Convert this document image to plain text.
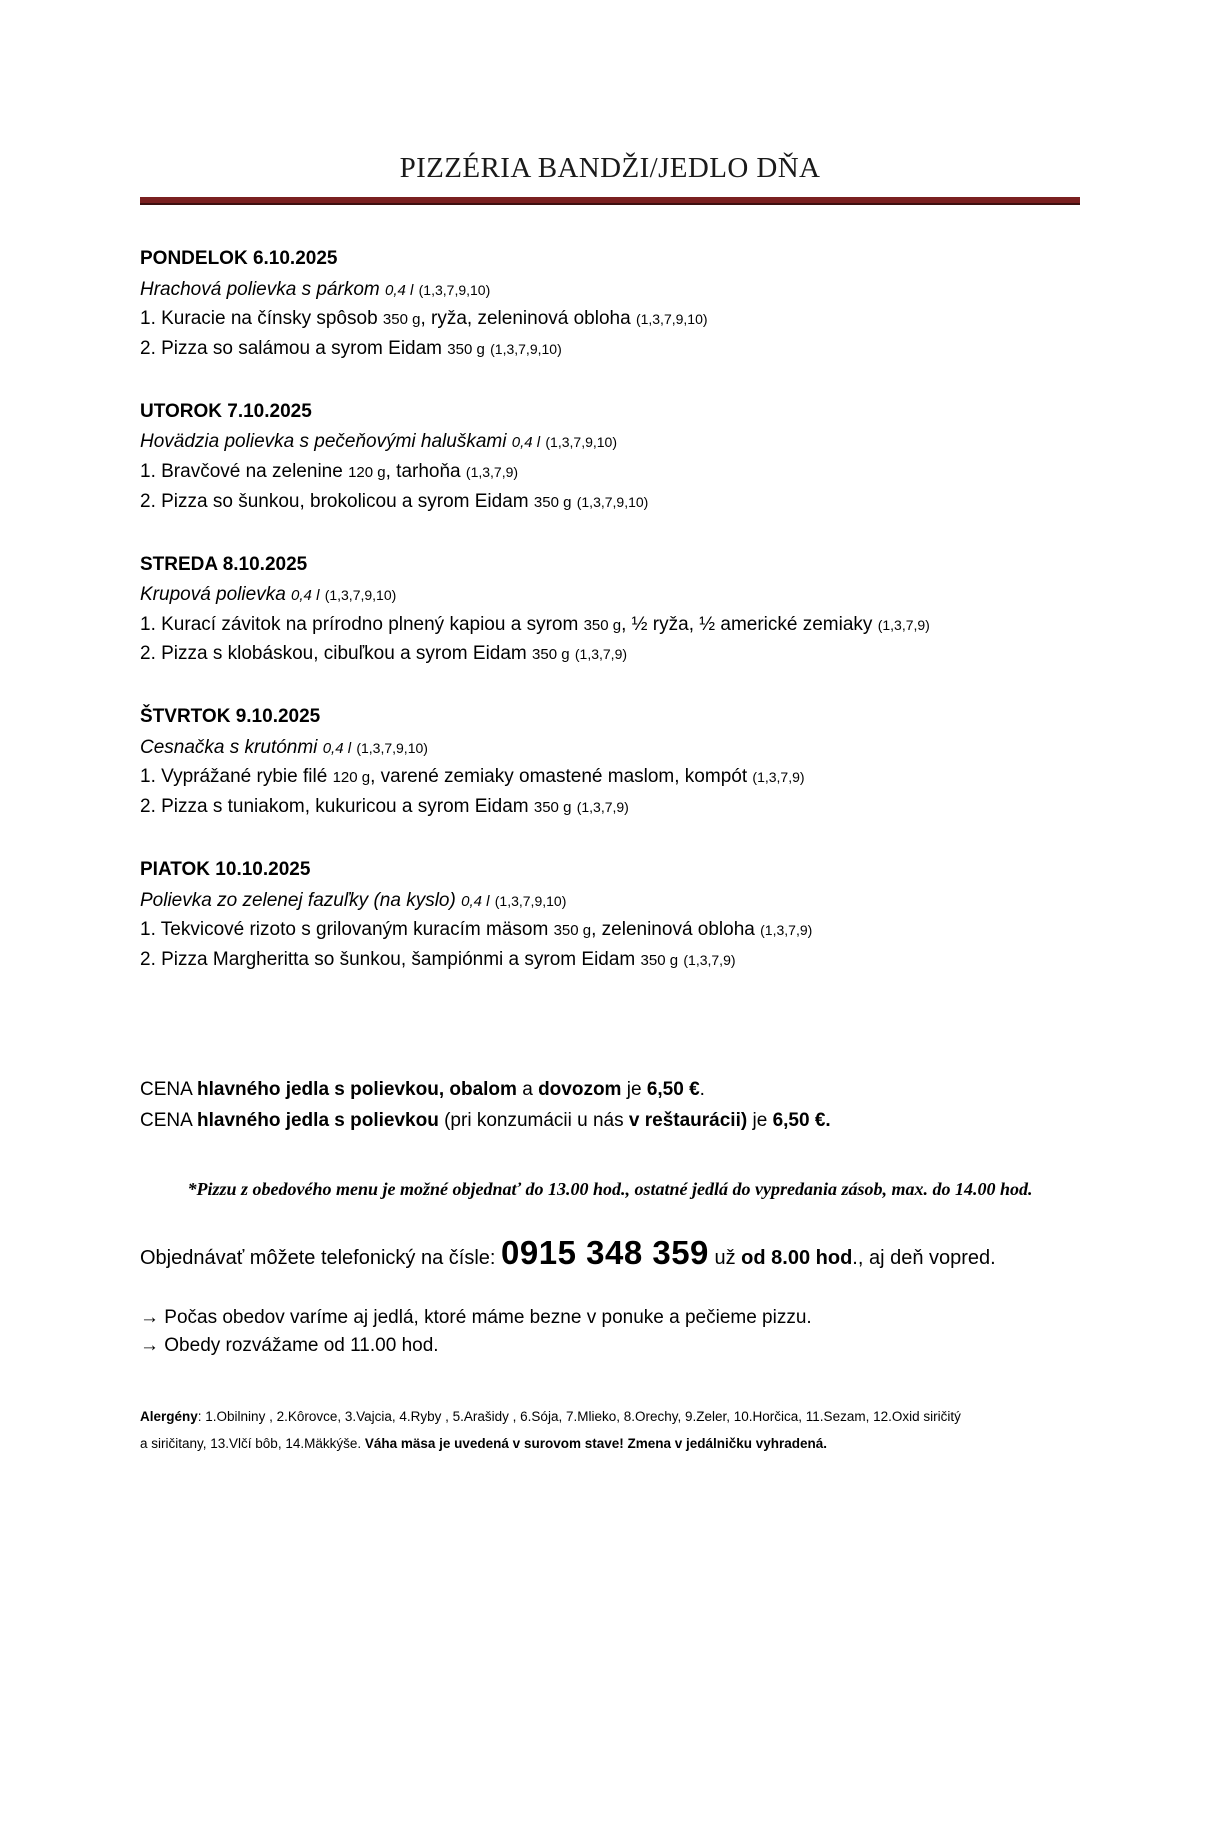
PIZZÉRIA BANDŽI/JEDLO DŇA
PONDELOK 6.10.2025
Hrachová polievka s párkom 0,4 l (1,3,7,9,10)
1. Kuracie na čínsky spôsob 350 g, ryža, zeleninová obloha (1,3,7,9,10)
2. Pizza so salámou a syrom Eidam 350 g (1,3,7,9,10)
UTOROK 7.10.2025
Hovädzia polievka s pečeňovými haluškami 0,4 l (1,3,7,9,10)
1. Bravčové na zelenine 120 g, tarhoňa (1,3,7,9)
2. Pizza so šunkou, brokolicou a syrom Eidam 350 g (1,3,7,9,10)
STREDA 8.10.2025
Krupová polievka 0,4 l (1,3,7,9,10)
1. Kurací závitok na prírodno plnený kapiou a syrom 350 g, ½ ryža, ½ americké zemiaky (1,3,7,9)
2. Pizza s klobáskou, cibuľkou a syrom Eidam 350 g (1,3,7,9)
ŠTVRTOK 9.10.2025
Cesnačka s krutónmi 0,4 l (1,3,7,9,10)
1. Vyprážané rybie filé 120 g, varené zemiaky omastené maslom, kompót (1,3,7,9)
2. Pizza s tuniakom, kukuricou a syrom Eidam 350 g (1,3,7,9)
PIATOK 10.10.2025
Polievka zo zelenej fazuľky (na kyslo) 0,4 l (1,3,7,9,10)
1. Tekvicové rizoto s grilovaným kuracím mäsom 350 g, zeleninová obloha (1,3,7,9)
2. Pizza Margheritta so šunkou, šampiónmi a syrom Eidam 350 g (1,3,7,9)
CENA hlavného jedla s polievkou, obalom a dovozom je 6,50 €.
CENA hlavného jedla s polievkou (pri konzumácii u nás v reštaurácii) je 6,50 €.
*Pizzu z obedového menu je možné objednať do 13.00 hod., ostatné jedlá do vypredania zásob, max. do 14.00 hod.
Objednávať môžete telefonický na čísle: 0915 348 359 už od 8.00 hod., aj deň vopred.
→ Počas obedov varíme aj jedlá, ktoré máme bezne v ponuke a pečieme pizzu.
→ Obedy rozvážame od 11.00 hod.
Alergény: 1.Obilniny , 2.Kôrovce, 3.Vajcia, 4.Ryby , 5.Arašidy , 6.Sója, 7.Mlieko, 8.Orechy, 9.Zeler, 10.Horčica, 11.Sezam, 12.Oxid siričitý
a siričitany, 13.Vlčí bôb, 14.Mäkkýše. Váha mäsa je uvedená v surovom stave! Zmena v jedálničku vyhradená.
